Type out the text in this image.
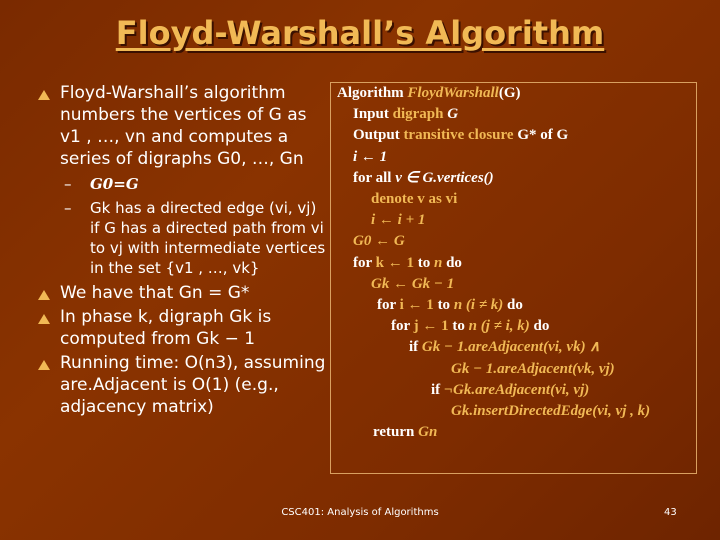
Floyd-Warshall’s Algorithm
Floyd-Warshall’s algorithm numbers the vertices of G as v1 , …, vn and computes a series of digraphs G0, …, Gn
– G0=G
– Gk has a directed edge (vi, vj) if G has a directed path from vi to vj with intermediate vertices in the set {v1 , …, vk}
We have that Gn = G*
In phase k, digraph Gk is computed from Gk − 1
Running time: O(n3), assuming are.Adjacent is O(1) (e.g., adjacency matrix)
Algorithm FloydWarshall(G)
Input digraph G
Output transitive closure G* of G
i ← 1
for all v ∈ G.vertices()
denote v as vi
i ← i + 1
G0 ← G
for k ← 1 to n do
Gk ← Gk − 1
for i ← 1 to n (i ≠ k) do
for j ← 1 to n (j ≠ i, k) do
if Gk − 1.areAdjacent(vi, vk) ∧
Gk − 1.areAdjacent(vk, vj)
if ¬Gk.areAdjacent(vi, vj)
Gk.insertDirectedEdge(vi, vj , k)
return Gn
CSC401: Analysis of Algorithms	43
